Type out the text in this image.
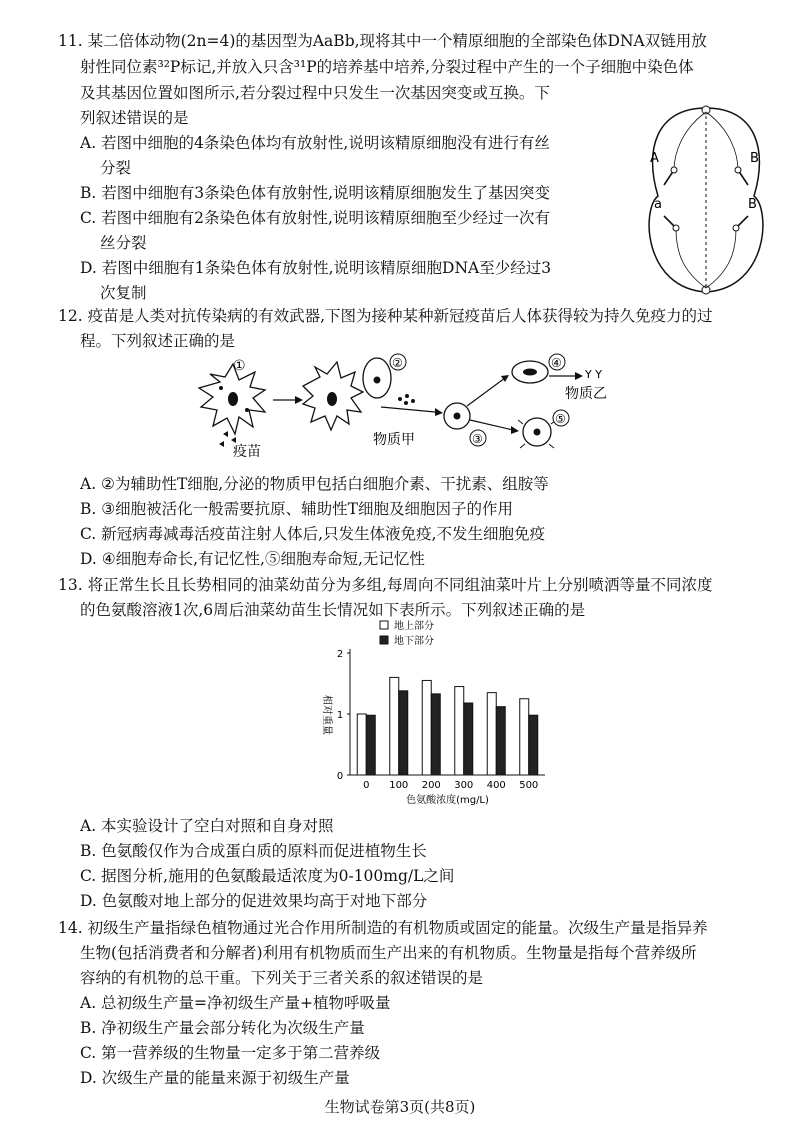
11. 某二倍体动物(2n=4)的基因型为AaBb,现将其中一个精原细胞的全部染色体DNA双链用放
射性同位素³²P标记,并放入只含³¹P的培养基中培养,分裂过程中产生的一个子细胞中染色体
及其基因位置如图所示,若分裂过程中只发生一次基因突变或互换。下
列叙述错误的是
A. 若图中细胞的4条染色体均有放射性,说明该精原细胞没有进行有丝
分裂
B. 若图中细胞有3条染色体有放射性,说明该精原细胞发生了基因突变
C. 若图中细胞有2条染色体有放射性,说明该精原细胞至少经过一次有
丝分裂
D. 若图中细胞有1条染色体有放射性,说明该精原细胞DNA至少经过3
次复制
A	B
a	B
12. 疫苗是人类对抗传染病的有效武器,下图为接种某种新冠疫苗后人体获得较为持久免疫力的过
程。下列叙述正确的是
①
疫苗
②
物质甲	③
④
Y Y
物质乙
⑤
A. ②为辅助性T细胞,分泌的物质甲包括白细胞介素、干扰素、组胺等
B. ③细胞被活化一般需要抗原、辅助性T细胞及细胞因子的作用
C. 新冠病毒减毒活疫苗注射人体后,只发生体液免疫,不发生细胞免疫
D. ④细胞寿命长,有记忆性,⑤细胞寿命短,无记忆性
13. 将正常生长且长势相同的油菜幼苗分为多组,每周向不同组油菜叶片上分别喷洒等量不同浓度
的色氨酸溶液1次,6周后油菜幼苗生长情况如下表所示。下列叙述正确的是
地上部分
地下部分
0
1
2
相对重量
0 100 200 300 400 500
色氨酸浓度(mg/L)
A. 本实验设计了空白对照和自身对照
B. 色氨酸仅作为合成蛋白质的原料而促进植物生长
C. 据图分析,施用的色氨酸最适浓度为0-100mg/L之间
D. 色氨酸对地上部分的促进效果均高于对地下部分
14. 初级生产量指绿色植物通过光合作用所制造的有机物质或固定的能量。次级生产量是指异养
生物(包括消费者和分解者)利用有机物质而生产出来的有机物质。生物量是指每个营养级所
容纳的有机物的总干重。下列关于三者关系的叙述错误的是
A. 总初级生产量=净初级生产量+植物呼吸量
B. 净初级生产量会部分转化为次级生产量
C. 第一营养级的生物量一定多于第二营养级
D. 次级生产量的能量来源于初级生产量
生物试卷第3页(共8页)
